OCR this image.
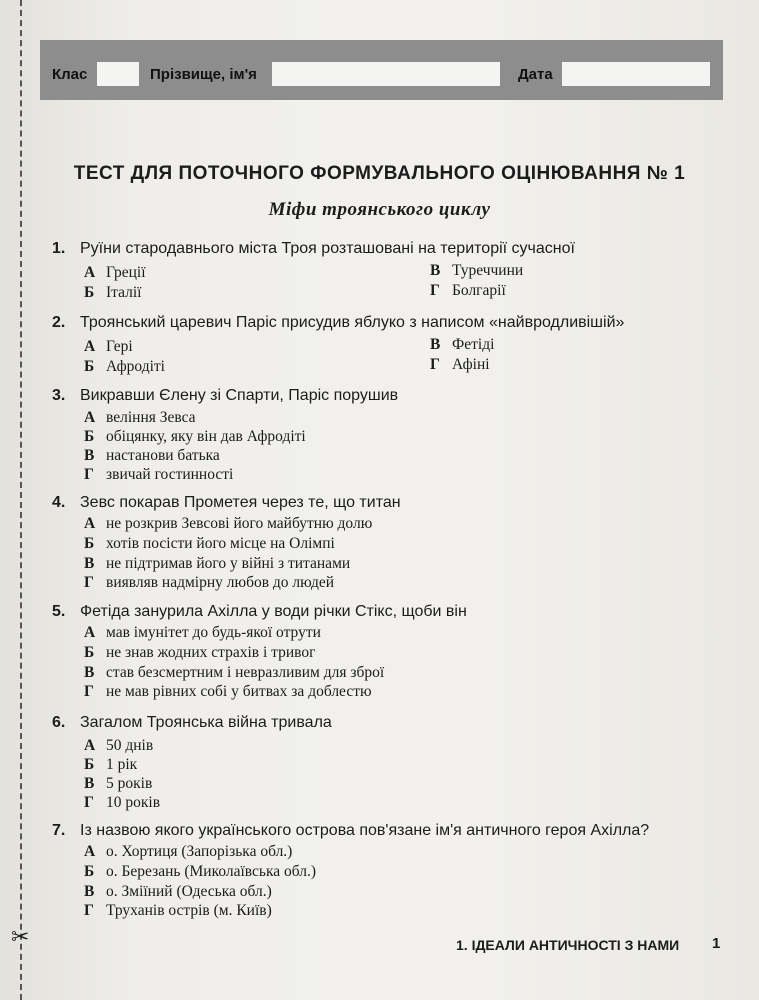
✂
Клас	Прізвище, ім'я	Дата
ТЕСТ ДЛЯ ПОТОЧНОГО ФОРМУВАЛЬНОГО ОЦІНЮВАННЯ № 1
Міфи троянського циклу
1. Руїни стародавнього міста Троя розташовані на території сучасної
А Греції
Б Італії
В Туреччини
Г Болгарії
2. Троянський царевич Паріс присудив яблуко з написом «найвродливішій»
А Гері
Б Афродіті
В Фетіді
Г Афіні
3. Викравши Єлену зі Спарти, Паріс порушив
А веління Зевса
Б обіцянку, яку він дав Афродіті
В настанови батька
Г звичай гостинності
4. Зевс покарав Прометея через те, що титан
А не розкрив Зевсові його майбутню долю
Б хотів посісти його місце на Олімпі
В не підтримав його у війні з титанами
Г виявляв надмірну любов до людей
5. Фетіда занурила Ахілла у води річки Стікс, щоби він
А мав імунітет до будь-якої отрути
Б не знав жодних страхів і тривог
В став безсмертним і невразливим для зброї
Г не мав рівних собі у битвах за доблестю
6. Загалом Троянська війна тривала
А 50 днів
Б 1 рік
В 5 років
Г 10 років
7. Із назвою якого українського острова пов'язане ім'я античного героя Ахілла?
А о. Хортиця (Запорізька обл.)
Б о. Березань (Миколаївська обл.)
В о. Зміїний (Одеська обл.)
Г Труханів острів (м. Київ)
1. ІДЕАЛИ АНТИЧНОСТІ З НАМИ 1
